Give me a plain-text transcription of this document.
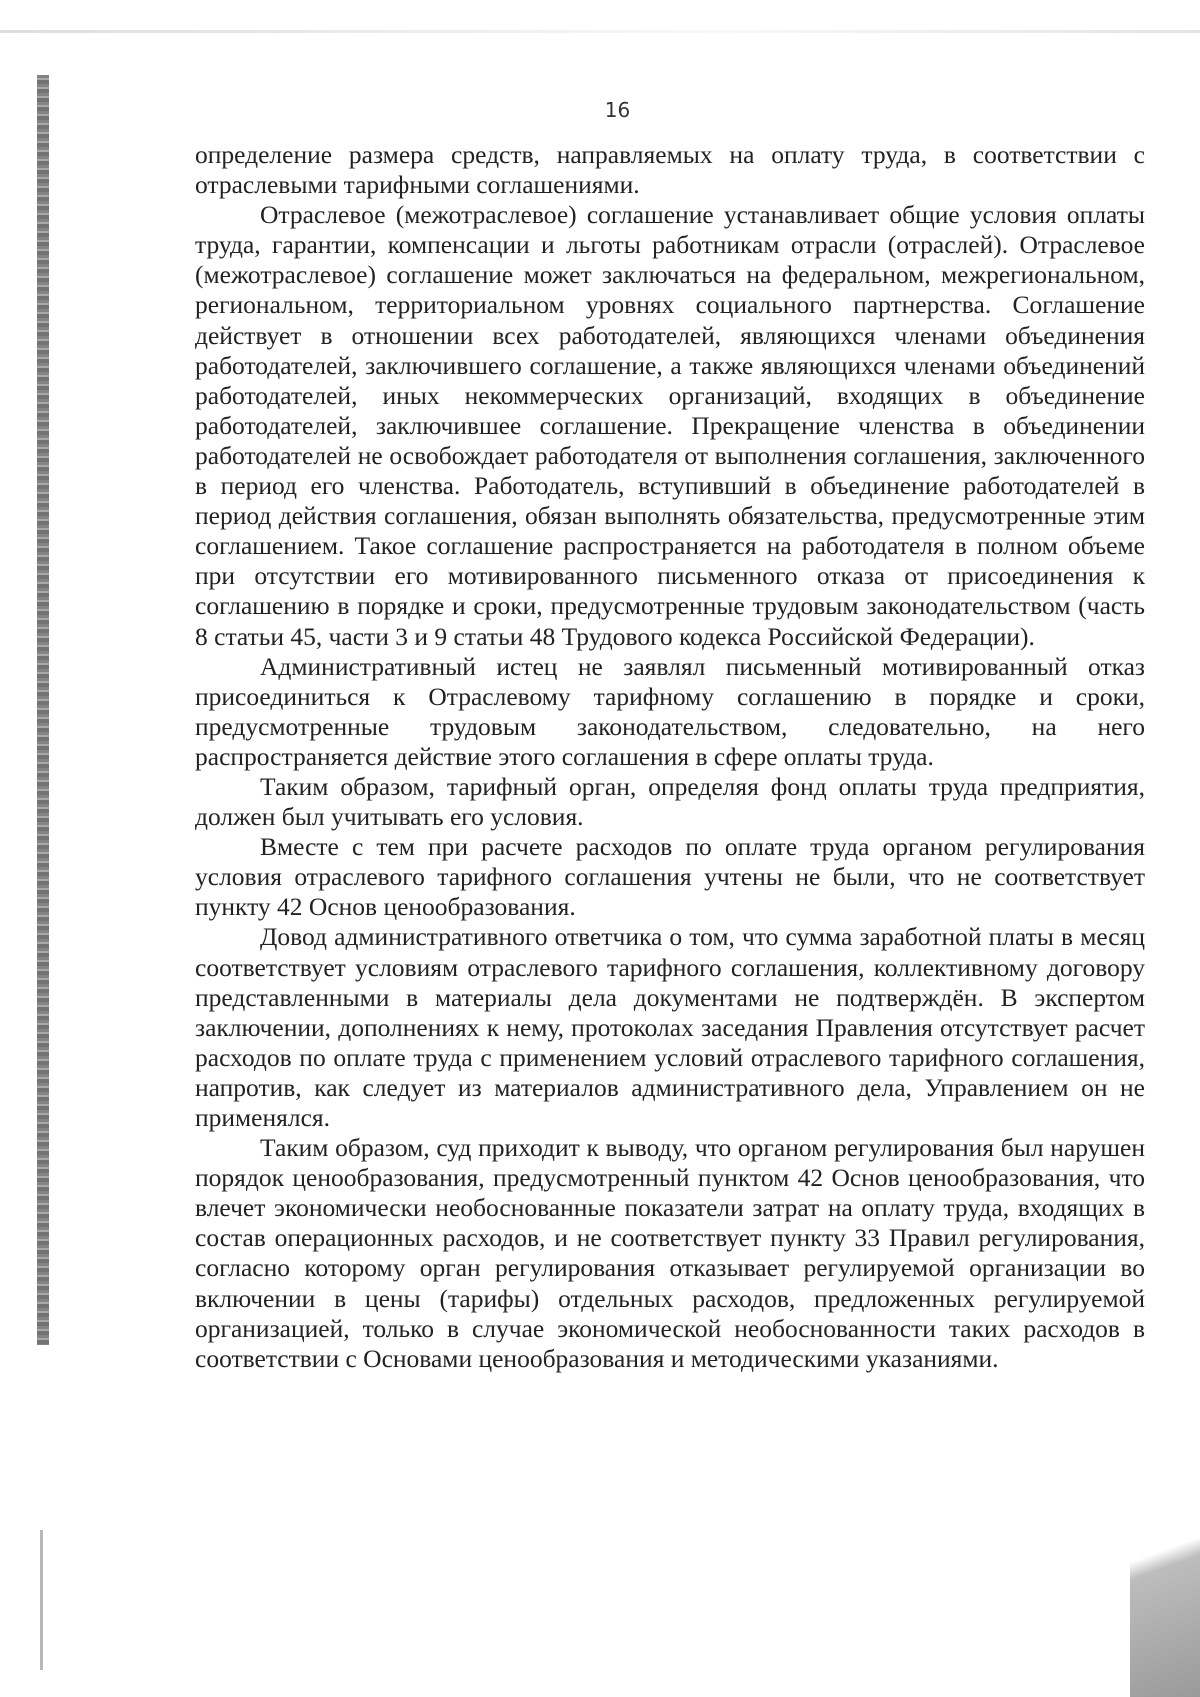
16

определение размера средств, направляемых на оплату труда, в соответствии с отраслевыми тарифными соглашениями.

Отраслевое (межотраслевое) соглашение устанавливает общие условия оплаты труда, гарантии, компенсации и льготы работникам отрасли (отраслей). Отраслевое (межотраслевое) соглашение может заключаться на федеральном, межрегиональном, региональном, территориальном уровнях социального партнерства. Соглашение действует в отношении всех работодателей, являющихся членами объединения работодателей, заключившего соглашение, а также являющихся членами объединений работодателей, иных некоммерческих организаций, входящих в объединение работодателей, заключившее соглашение. Прекращение членства в объединении работодателей не освобождает работодателя от выполнения соглашения, заключенного в период его членства. Работодатель, вступивший в объединение работодателей в период действия соглашения, обязан выполнять обязательства, предусмотренные этим соглашением. Такое соглашение распространяется на работодателя в полном объеме при отсутствии его мотивированного письменного отказа от присоединения к соглашению в порядке и сроки, предусмотренные трудовым законодательством (часть 8 статьи 45, части 3 и 9 статьи 48 Трудового кодекса Российской Федерации).

Административный истец не заявлял письменный мотивированный отказ присоединиться к Отраслевому тарифному соглашению в порядке и сроки, предусмотренные трудовым законодательством, следовательно, на него распространяется действие этого соглашения в сфере оплаты труда.

Таким образом, тарифный орган, определяя фонд оплаты труда предприятия, должен был учитывать его условия.

Вместе с тем при расчете расходов по оплате труда органом регулирования условия отраслевого тарифного соглашения учтены не были, что не соответствует пункту 42 Основ ценообразования.

Довод административного ответчика о том, что сумма заработной платы в месяц соответствует условиям отраслевого тарифного соглашения, коллективному договору представленными в материалы дела документами не подтверждён. В экспертом заключении, дополнениях к нему, протоколах заседания Правления отсутствует расчет расходов по оплате труда с применением условий отраслевого тарифного соглашения, напротив, как следует из материалов административного дела, Управлением он не применялся.

Таким образом, суд приходит к выводу, что органом регулирования был нарушен порядок ценообразования, предусмотренный пунктом 42 Основ ценообразования, что влечет экономически необоснованные показатели затрат на оплату труда, входящих в состав операционных расходов, и не соответствует пункту 33 Правил регулирования, согласно которому орган регулирования отказывает регулируемой организации во включении в цены (тарифы) отдельных расходов, предложенных регулируемой организацией, только в случае экономической необоснованности таких расходов в соответствии с Основами ценообразования и методическими указаниями.
